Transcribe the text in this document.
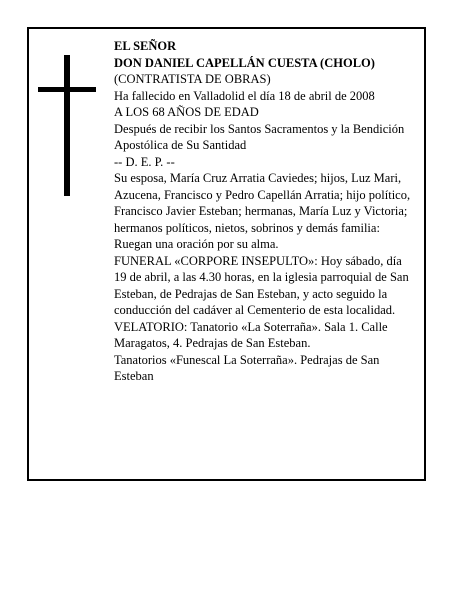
EL SEÑOR

DON DANIEL CAPELLÁN CUESTA (CHOLO)

(CONTRATISTA DE OBRAS)

Ha fallecido en Valladolid el día 18 de abril de 2008

A LOS 68 AÑOS DE EDAD

Después de recibir los Santos Sacramentos y la Bendición Apostólica de Su Santidad

-- D. E. P. --

Su esposa, María Cruz Arratia Caviedes; hijos, Luz Mari, Azucena, Francisco y Pedro Capellán Arratia; hijo político, Francisco Javier Esteban; hermanas, María Luz y Victoria; hermanos políticos, nietos, sobrinos y demás familia:

Ruegan una oración por su alma.

FUNERAL «CORPORE INSEPULTO»: Hoy sábado, día 19 de abril, a las 4.30 horas, en la iglesia parroquial de San Esteban, de Pedrajas de San Esteban, y acto seguido la conducción del cadáver al Cementerio de esta localidad.

VELATORIO: Tanatorio «La Soterraña». Sala 1. Calle Maragatos, 4. Pedrajas de San Esteban.

Tanatorios «Funescal La Soterraña». Pedrajas de San Esteban
